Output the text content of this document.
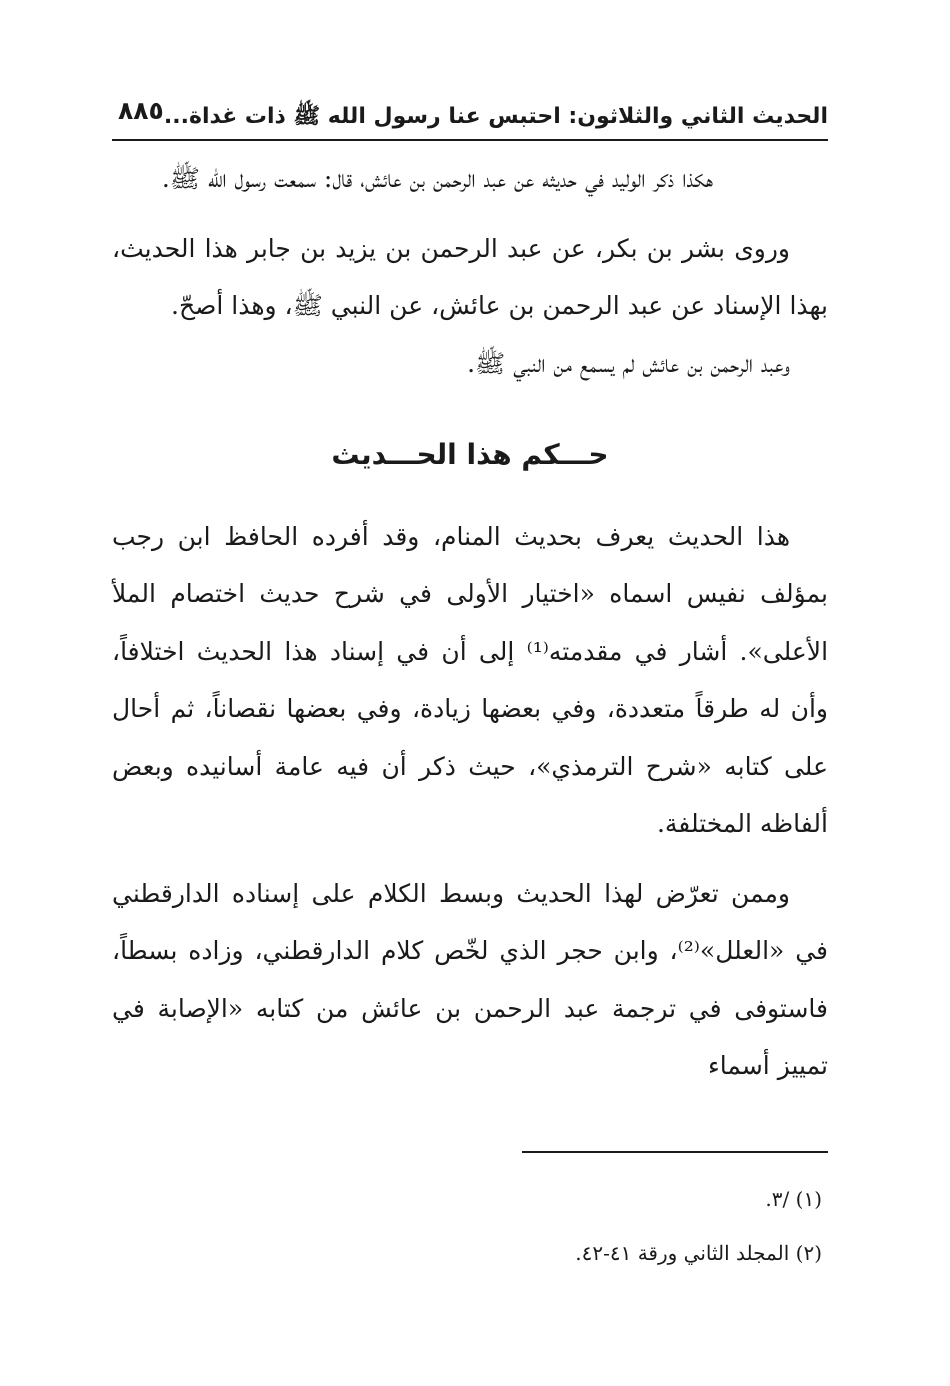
الحديث الثاني والثلاثون: احتبس عنا رسول الله ﷺ ذات غداة...
٨٨٥

هكذا ذكر الوليد في حديثه عن عبد الرحمن بن عائش، قال: سمعت رسول الله ﷺ.

وروى بشر بن بكر، عن عبد الرحمن بن يزيد بن جابر هذا الحديث، بهذا الإسناد عن عبد الرحمن بن عائش، عن النبي ﷺ، وهذا أصحّ.

وعبد الرحمن بن عائش لم يسمع من النبي ﷺ.

حـــكم هذا الحـــديث

هذا الحديث يعرف بحديث المنام، وقد أفرده الحافظ ابن رجب بمؤلف نفيس اسماه «اختيار الأولى في شرح حديث اختصام الملأ الأعلى». أشار في مقدمته⁽¹⁾ إلى أن في إسناد هذا الحديث اختلافاً، وأن له طرقاً متعددة، وفي بعضها زيادة، وفي بعضها نقصاناً، ثم أحال على كتابه «شرح الترمذي»، حيث ذكر أن فيه عامة أسانيده وبعض ألفاظه المختلفة.

وممن تعرّض لهذا الحديث وبسط الكلام على إسناده الدارقطني في «العلل»⁽²⁾، وابن حجر الذي لخّص كلام الدارقطني، وزاده بسطاً، فاستوفى في ترجمة عبد الرحمن بن عائش من كتابه «الإصابة في تمييز أسماء

(١) /٣.

(٢) المجلد الثاني ورقة ٤١-٤٢.
